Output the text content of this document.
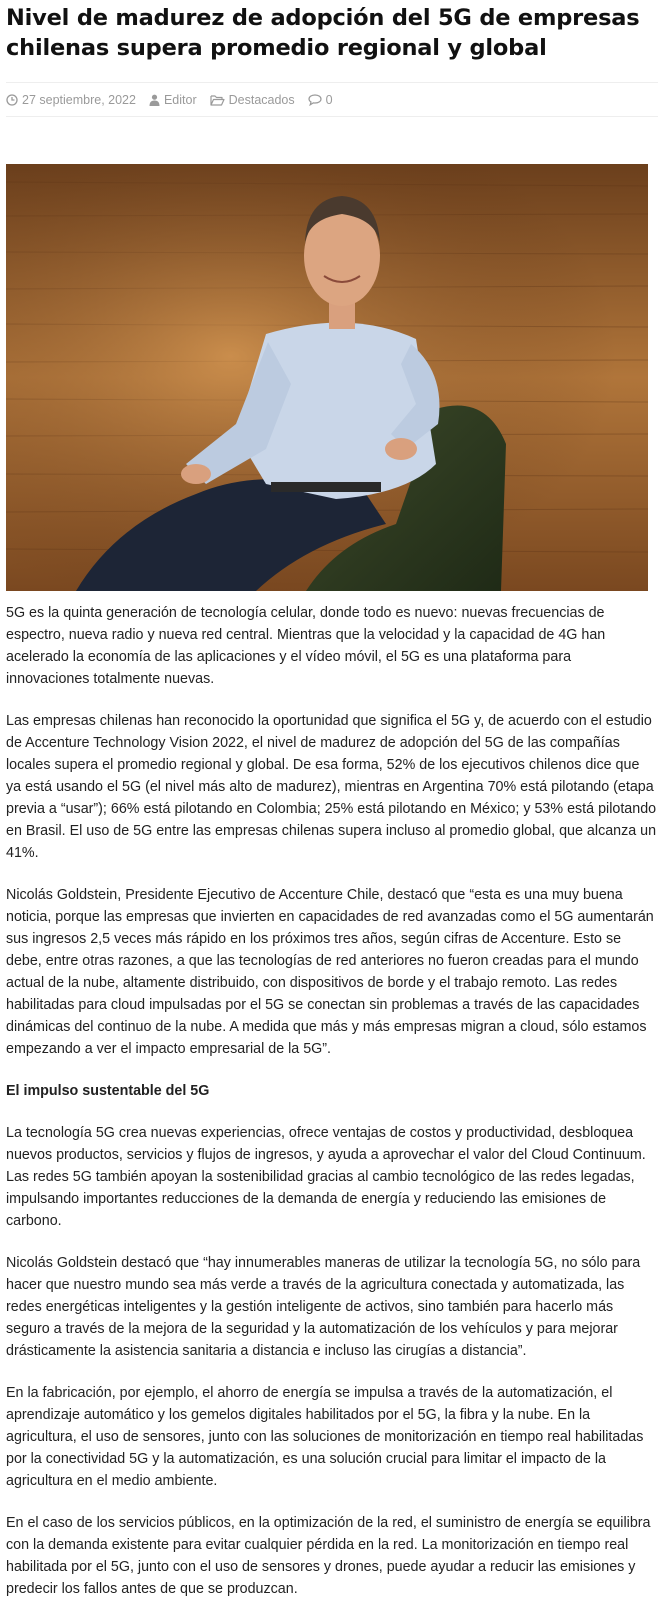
Nivel de madurez de adopción del 5G de empresas chilenas supera promedio regional y global
27 septiembre, 2022 Editor	Destacados 0

5G es la quinta generación de tecnología celular, donde todo es nuevo: nuevas frecuencias de espectro, nueva radio y nueva red central. Mientras que la velocidad y la capacidad de 4G han acelerado la economía de las aplicaciones y el vídeo móvil, el 5G es una plataforma para innovaciones totalmente nuevas.

Las empresas chilenas han reconocido la oportunidad que significa el 5G y, de acuerdo con el estudio de Accenture Technology Vision 2022, el nivel de madurez de adopción del 5G de las compañías locales supera el promedio regional y global. De esa forma, 52% de los ejecutivos chilenos dice que ya está usando el 5G (el nivel más alto de madurez), mientras en Argentina 70% está pilotando (etapa previa a “usar”); 66% está pilotando en Colombia; 25% está pilotando en México; y 53% está pilotando en Brasil. El uso de 5G entre las empresas chilenas supera incluso al promedio global, que alcanza un 41%.

Nicolás Goldstein, Presidente Ejecutivo de Accenture Chile, destacó que “esta es una muy buena noticia, porque las empresas que invierten en capacidades de red avanzadas como el 5G aumentarán sus ingresos 2,5 veces más rápido en los próximos tres años, según cifras de Accenture. Esto se debe, entre otras razones, a que las tecnologías de red anteriores no fueron creadas para el mundo actual de la nube, altamente distribuido, con dispositivos de borde y el trabajo remoto. Las redes habilitadas para cloud impulsadas por el 5G se conectan sin problemas a través de las capacidades dinámicas del continuo de la nube. A medida que más y más empresas migran a cloud, sólo estamos empezando a ver el impacto empresarial de la 5G”.

El impulso sustentable del 5G

La tecnología 5G crea nuevas experiencias, ofrece ventajas de costos y productividad, desbloquea nuevos productos, servicios y flujos de ingresos, y ayuda a aprovechar el valor del Cloud Continuum. Las redes 5G también apoyan la sostenibilidad gracias al cambio tecnológico de las redes legadas, impulsando importantes reducciones de la demanda de energía y reduciendo las emisiones de carbono.

Nicolás Goldstein destacó que “hay innumerables maneras de utilizar la tecnología 5G, no sólo para hacer que nuestro mundo sea más verde a través de la agricultura conectada y automatizada, las redes energéticas inteligentes y la gestión inteligente de activos, sino también para hacerlo más seguro a través de la mejora de la seguridad y la automatización de los vehículos y para mejorar drásticamente la asistencia sanitaria a distancia e incluso las cirugías a distancia”.

En la fabricación, por ejemplo, el ahorro de energía se impulsa a través de la automatización, el aprendizaje automático y los gemelos digitales habilitados por el 5G, la fibra y la nube. En la agricultura, el uso de sensores, junto con las soluciones de monitorización en tiempo real habilitadas por la conectividad 5G y la automatización, es una solución crucial para limitar el impacto de la agricultura en el medio ambiente.

En el caso de los servicios públicos, en la optimización de la red, el suministro de energía se equilibra con la demanda existente para evitar cualquier pérdida en la red. La monitorización en tiempo real habilitada por el 5G, junto con el uso de sensores y drones, puede ayudar a reducir las emisiones y predecir los fallos antes de que se produzcan.
